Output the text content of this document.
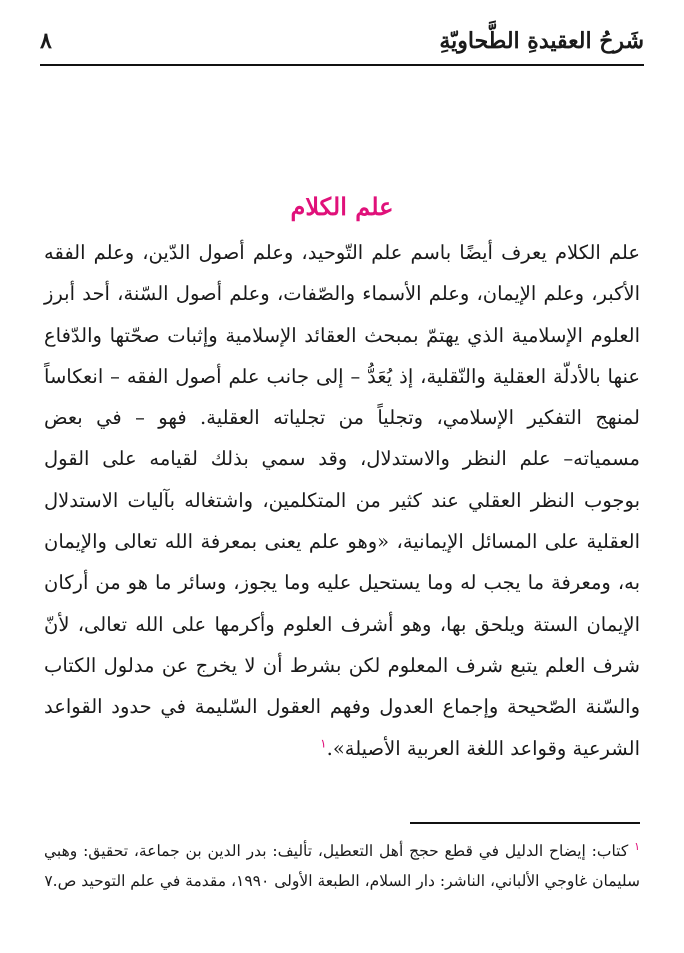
٨	شَرحُ العقيدةِ الطَّحاويّةِ
علم الكلام
علم الكلام يعرف أيضًا باسم علم التّوحيد، وعلم أصول الدّين، وعلم الفقه الأكبر، وعلم الإيمان، وعلم الأسماء والصّفات، وعلم أصول السّنة، أحد أبرز العلوم الإسلامية الذي يهتمّ بمبحث العقائد الإسلامية وإثبات صحّتها والدّفاع عنها بالأدلّة العقلية والنّقلية، إذ يُعَدُّ – إلى جانب علم أصول الفقه – انعكاساً لمنهج التفكير الإسلامي، وتجلياً من تجلياته العقلية. فهو – في بعض مسمياته– علم النظر والاستدلال، وقد سمي بذلك لقيامه على القول بوجوب النظر العقلي عند كثير من المتكلمين، واشتغاله بآليات الاستدلال العقلية على المسائل الإيمانية، «وهو علم يعنى بمعرفة الله تعالى والإيمان به، ومعرفة ما يجب له وما يستحيل عليه وما يجوز، وسائر ما هو من أركان الإيمان الستة ويلحق بها، وهو أشرف العلوم وأكرمها على الله تعالى، لأنّ شرف العلم يتبع شرف المعلوم لكن بشرط أن لا يخرج عن مدلول الكتاب والسّنة الصّحيحة وإجماع العدول وفهم العقول السّليمة في حدود القواعد الشرعية وقواعد اللغة العربية الأصيلة».$^١$
$^١$ كتاب: إيضاح الدليل في قطع حجج أهل التعطيل، تأليف: بدر الدين بن جماعة، تحقيق: وهبي سليمان غاوجي الألباني، الناشر: دار السلام، الطبعة الأولى ١٩٩٠، مقدمة في علم التوحيد ص.٧
